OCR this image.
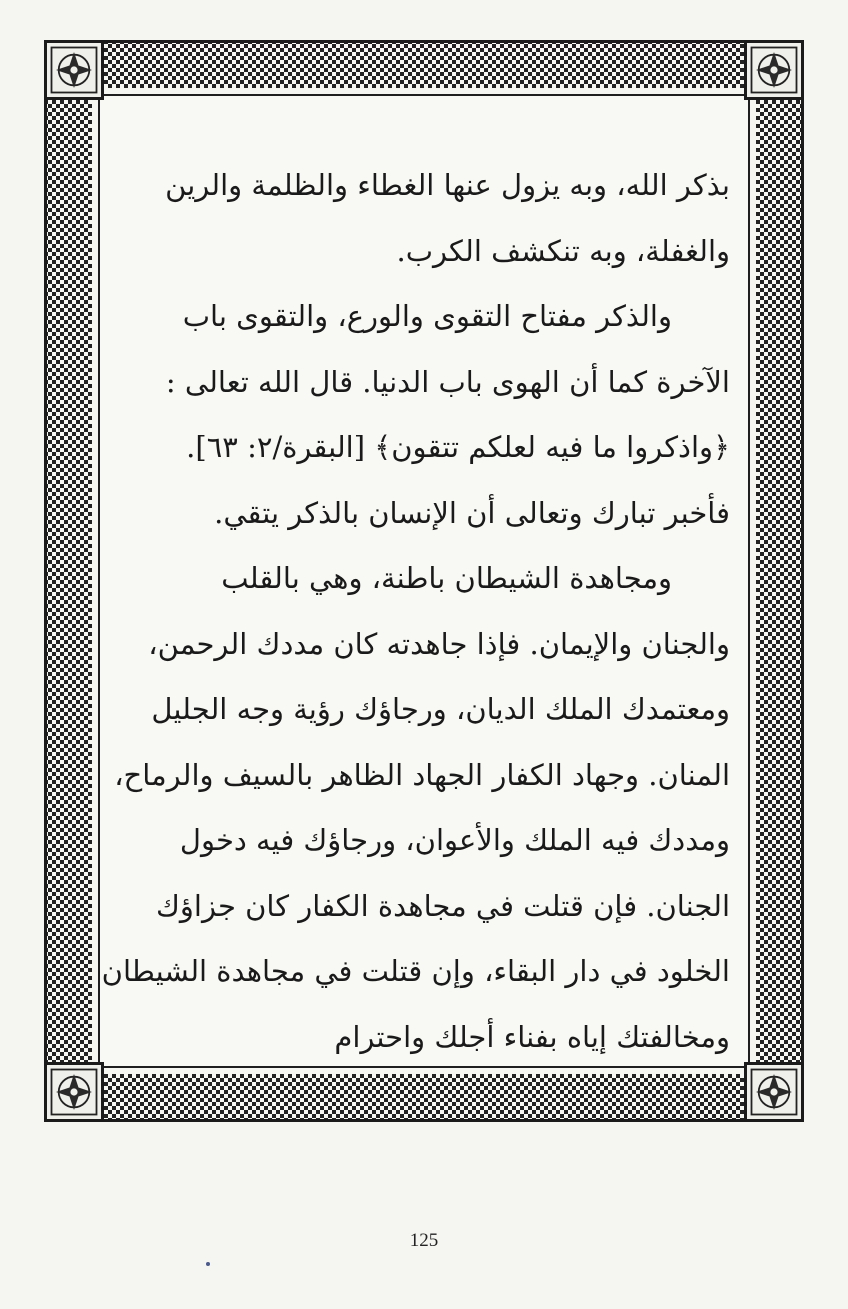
بذكر الله، وبه يزول عنها الغطاء والظلمة والرين
والغفلة، وبه تنكشف الكرب.
والذكر مفتاح التقوى والورع، والتقوى باب
الآخرة كما أن الهوى باب الدنيا. قال الله تعالى :
﴿واذكروا ما فيه لعلكم تتقون﴾ [البقرة/٢: ٦٣].
فأخبر تبارك وتعالى أن الإنسان بالذكر يتقي.
ومجاهدة الشيطان باطنة، وهي بالقلب
والجنان والإيمان. فإذا جاهدته كان مددك الرحمن،
ومعتمدك الملك الديان، ورجاؤك رؤية وجه الجليل
المنان. وجهاد الكفار الجهاد الظاهر بالسيف والرماح،
ومددك فيه الملك والأعوان، ورجاؤك فيه دخول
الجنان. فإن قتلت في مجاهدة الكفار كان جزاؤك
الخلود في دار البقاء، وإن قتلت في مجاهدة الشيطان
ومخالفتك إياه بفناء أجلك واحترام
125
